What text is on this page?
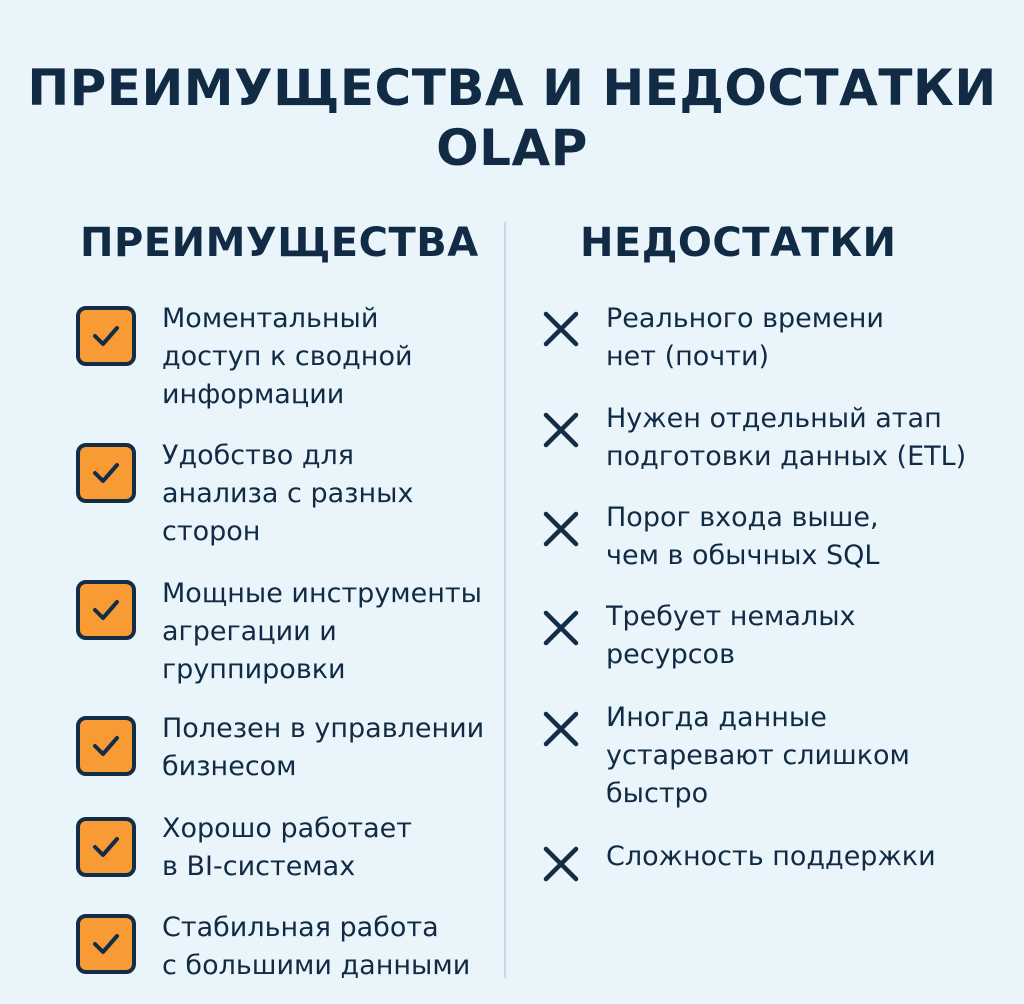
ПРЕИМУЩЕСТВА И НЕДОСТАТКИ
OLAP
ПРЕИМУЩЕСТВА
Моментальный
доступ к сводной
информации
Удобство для
анализа с разных
сторон
Мощные инструменты
агрегации и
группировки
Полезен в управлении
бизнесом
Хорошо работает
в BI-системах
Стабильная работа
с большими данными
НЕДОСТАТКИ
Реального времени
нет (почти)
Нужен отдельный атап
подготовки данных (ETL)
Порог входа выше,
чем в обычных SQL
Требует немалых
ресурсов
Иногда данные
устаревают слишком
быстро
Сложность поддержки
